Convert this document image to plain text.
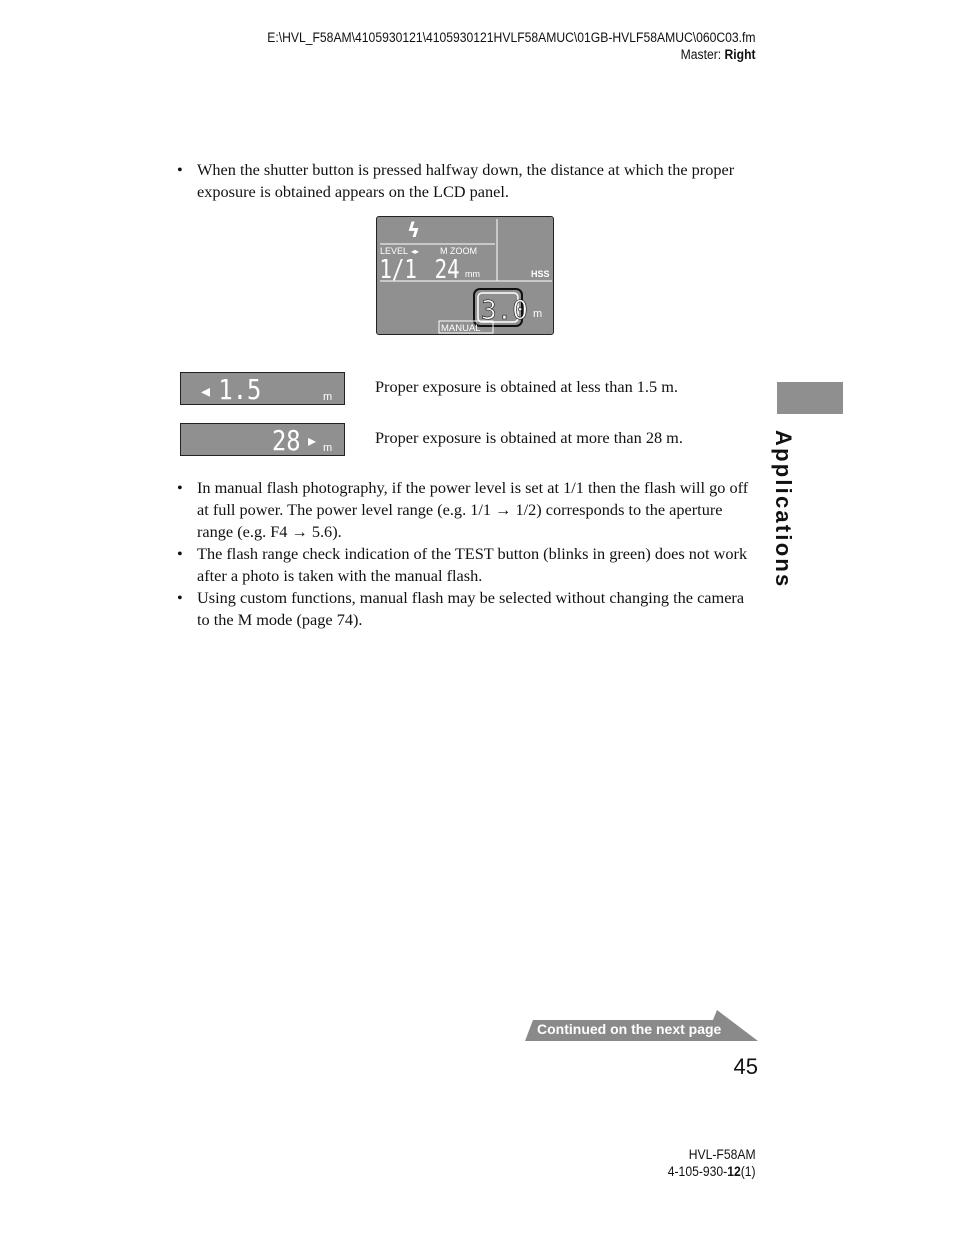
E:\HVL_F58AM\4105930121\4105930121HVLF58AMUC\01GB-HVLF58AMUC\060C03.fm
Master: Right
• When the shutter button is pressed halfway down, the distance at which the proper exposure is obtained appears on the LCD panel.
ϟ
LEVEL ◂▸ M ZOOM
1/1 24 mm	HSS
3.0 m
MANUAL
◂ 1.5	m
Proper exposure is obtained at less than 1.5 m.
28 ▸ m
Proper exposure is obtained at more than 28 m.
• In manual flash photography, if the power level is set at 1/1 then the flash will go off at full power. The power level range (e.g. 1/1 → 1/2) corresponds to the aperture range (e.g. F4 → 5.6).
• The flash range check indication of the TEST button (blinks in green) does not work after a photo is taken with the manual flash.
• Using custom functions, manual flash may be selected without changing the camera to the M mode (page 74).
Applications
Continued on the next page
45
HVL-F58AM
4-105-930-12(1)
